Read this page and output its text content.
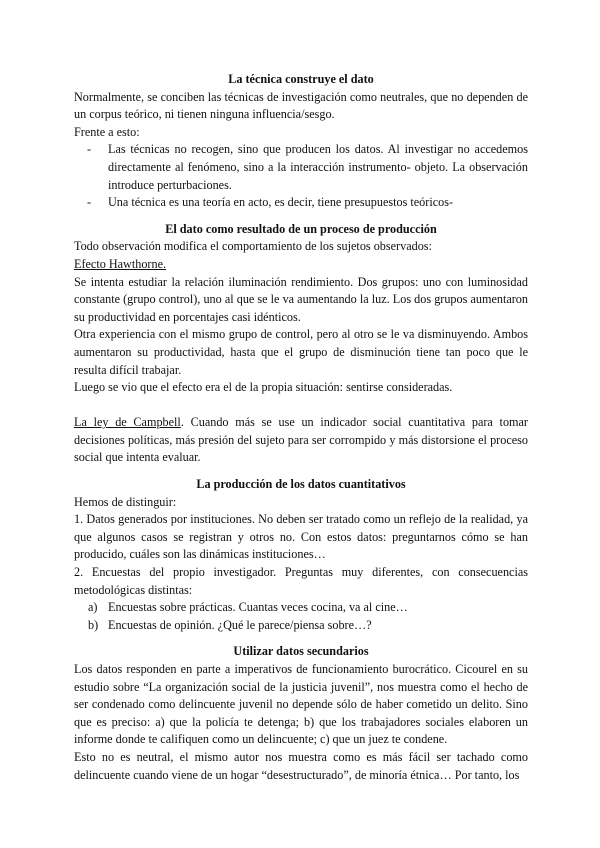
La técnica construye el dato

Normalmente, se conciben las técnicas de investigación como neutrales, que no dependen de un corpus teórico, ni tienen ninguna influencia/sesgo.

Frente a esto:

- Las técnicas no recogen, sino que producen los datos. Al investigar no accedemos directamente al fenómeno, sino a la interacción instrumento- objeto. La observación introduce perturbaciones.
- Una técnica es una teoría en acto, es decir, tiene presupuestos teóricos-
El dato como resultado de un proceso de producción

Todo observación modifica el comportamiento de los sujetos observados:

Efecto Hawthorne.

Se intenta estudiar la relación iluminación rendimiento. Dos grupos: uno con luminosidad constante (grupo control), uno al que se le va aumentando la luz. Los dos grupos aumentaron su productividad en porcentajes casi idénticos.

Otra experiencia con el mismo grupo de control, pero al otro se le va disminuyendo. Ambos aumentaron su productividad, hasta que el grupo de disminución tiene tan poco que le resulta difícil trabajar.

Luego se vio que el efecto era el de la propia situación: sentirse consideradas.

La ley de Campbell. Cuando más se use un indicador social cuantitativa para tomar decisiones políticas, más presión del sujeto para ser corrompido y más distorsione el proceso social que intenta evaluar.

La producción de los datos cuantitativos

Hemos de distinguir:

1. Datos generados por instituciones. No deben ser tratado como un reflejo de la realidad, ya que algunos casos se registran y otros no. Con estos datos: preguntarnos cómo se han producido, cuáles son las dinámicas instituciones…

2. Encuestas del propio investigador. Preguntas muy diferentes, con consecuencias metodológicas distintas:

a) Encuestas sobre prácticas. Cuantas veces cocina, va al cine…
b) Encuestas de opinión. ¿Qué le parece/piensa sobre…?
Utilizar datos secundarios

Los datos responden en parte a imperativos de funcionamiento burocrático. Cicourel en su estudio sobre “La organización social de la justicia juvenil”, nos muestra como el hecho de ser condenado como delincuente juvenil no depende sólo de haber cometido un delito. Sino que es preciso: a) que la policía te detenga; b) que los trabajadores sociales elaboren un informe donde te califiquen como un delincuente; c) que un juez te condene.

Esto no es neutral, el mismo autor nos muestra como es más fácil ser tachado como delincuente cuando viene de un hogar “desestructurado”, de minoría étnica… Por tanto, los
